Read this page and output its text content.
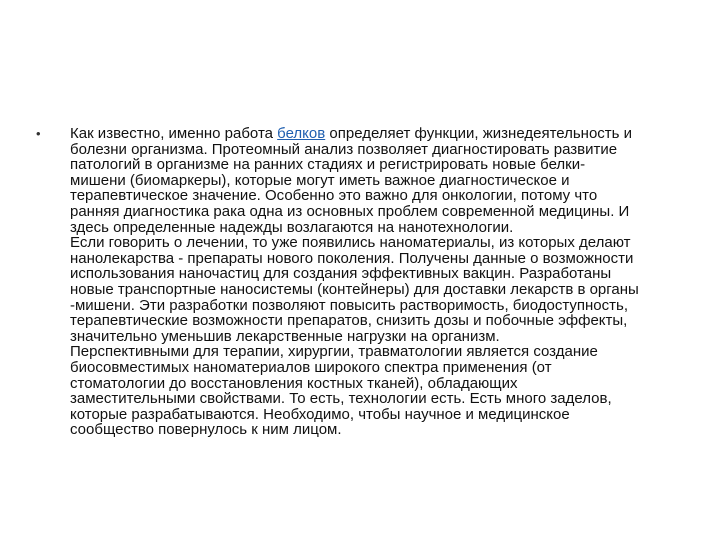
• Как известно, именно работа белков определяет функции, жизнедеятельность и
болезни организма. Протеомный анализ позволяет диагностировать развитие
патологий в организме на ранних стадиях и регистрировать новые белки-
мишени (биомаркеры), которые могут иметь важное диагностическое и
терапевтическое значение. Особенно это важно для онкологии, потому что
ранняя диагностика рака одна из основных проблем современной медицины. И
здесь определенные надежды возлагаются на нанотехнологии.
Если говорить о лечении, то уже появились наноматериалы, из которых делают
нанолекарства - препараты нового поколения. Получены данные о возможности
использования наночастиц для создания эффективных вакцин. Разработаны
новые транспортные наносистемы (контейнеры) для доставки лекарств в органы
-мишени. Эти разработки позволяют повысить растворимость, биодоступность,
терапевтические возможности препаратов, снизить дозы и побочные эффекты,
значительно уменьшив лекарственные нагрузки на организм.
Перспективными для терапии, хирургии, травматологии является создание
биосовместимых наноматериалов широкого спектра применения (от
стоматологии до восстановления костных тканей), обладающих
заместительными свойствами. То есть, технологии есть. Есть много заделов,
которые разрабатываются. Необходимо, чтобы научное и медицинское
сообщество повернулось к ним лицом.
